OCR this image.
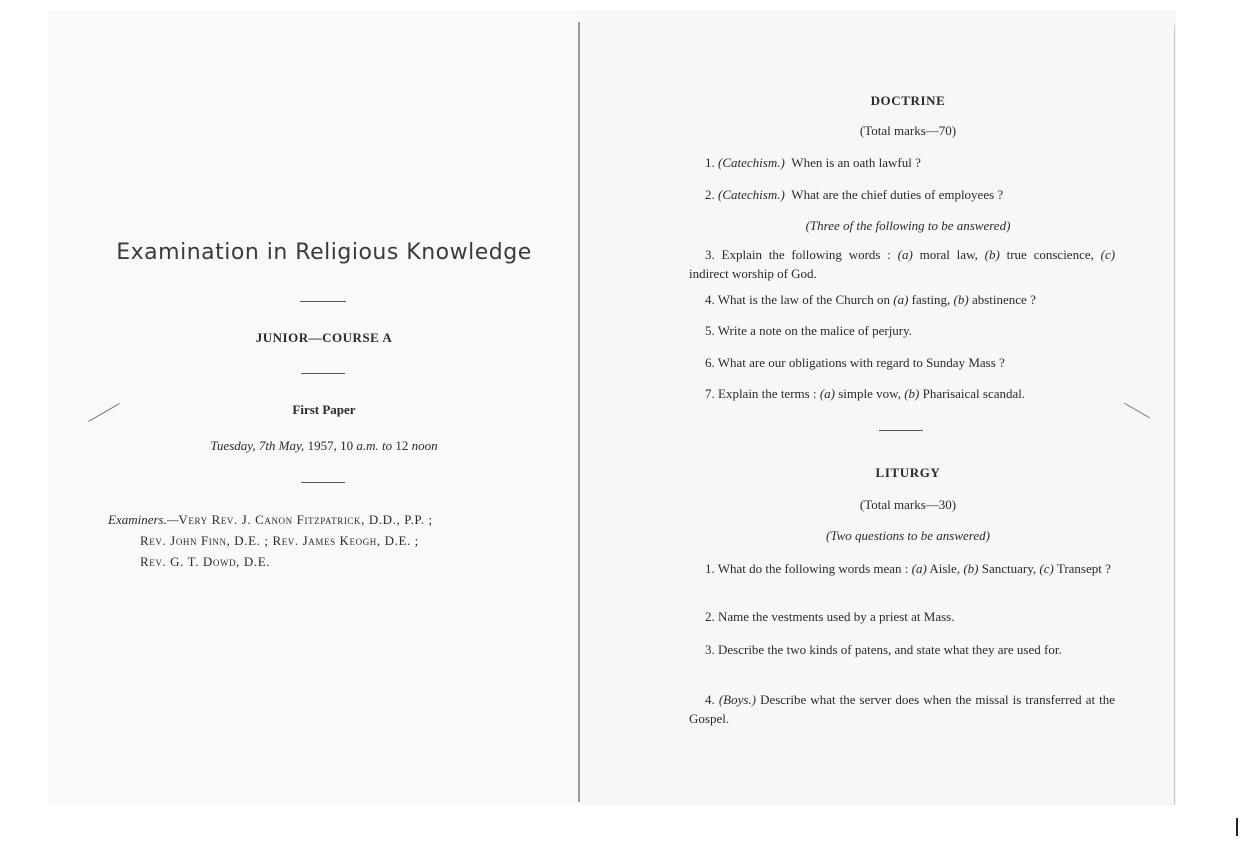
Examination in Religious Knowledge
JUNIOR—COURSE A
First Paper
Tuesday, 7th May, 1957, 10 a.m. to 12 noon
Examiners.—Very Rev. J. Canon Fitzpatrick, D.D., P.P. ;
Rev. John Finn, D.E. ; Rev. James Keogh, D.E. ;
Rev. G. T. Dowd, D.E.
DOCTRINE
(Total marks—70)
1. (Catechism.) When is an oath lawful ?
2. (Catechism.) What are the chief duties of employees ?
(Three of the following to be answered)
3. Explain the following words : (a) moral law, (b) true conscience, (c) indirect worship of God.
4. What is the law of the Church on (a) fasting, (b) abstinence ?
5. Write a note on the malice of perjury.
6. What are our obligations with regard to Sunday Mass ?
7. Explain the terms : (a) simple vow, (b) Pharisaical scandal.
LITURGY
(Total marks—30)
(Two questions to be answered)
1. What do the following words mean : (a) Aisle, (b) Sanctuary, (c) Transept ?
2. Name the vestments used by a priest at Mass.
3. Describe the two kinds of patens, and state what they are used for.
4. (Boys.) Describe what the server does when the missal is transferred at the Gospel.
